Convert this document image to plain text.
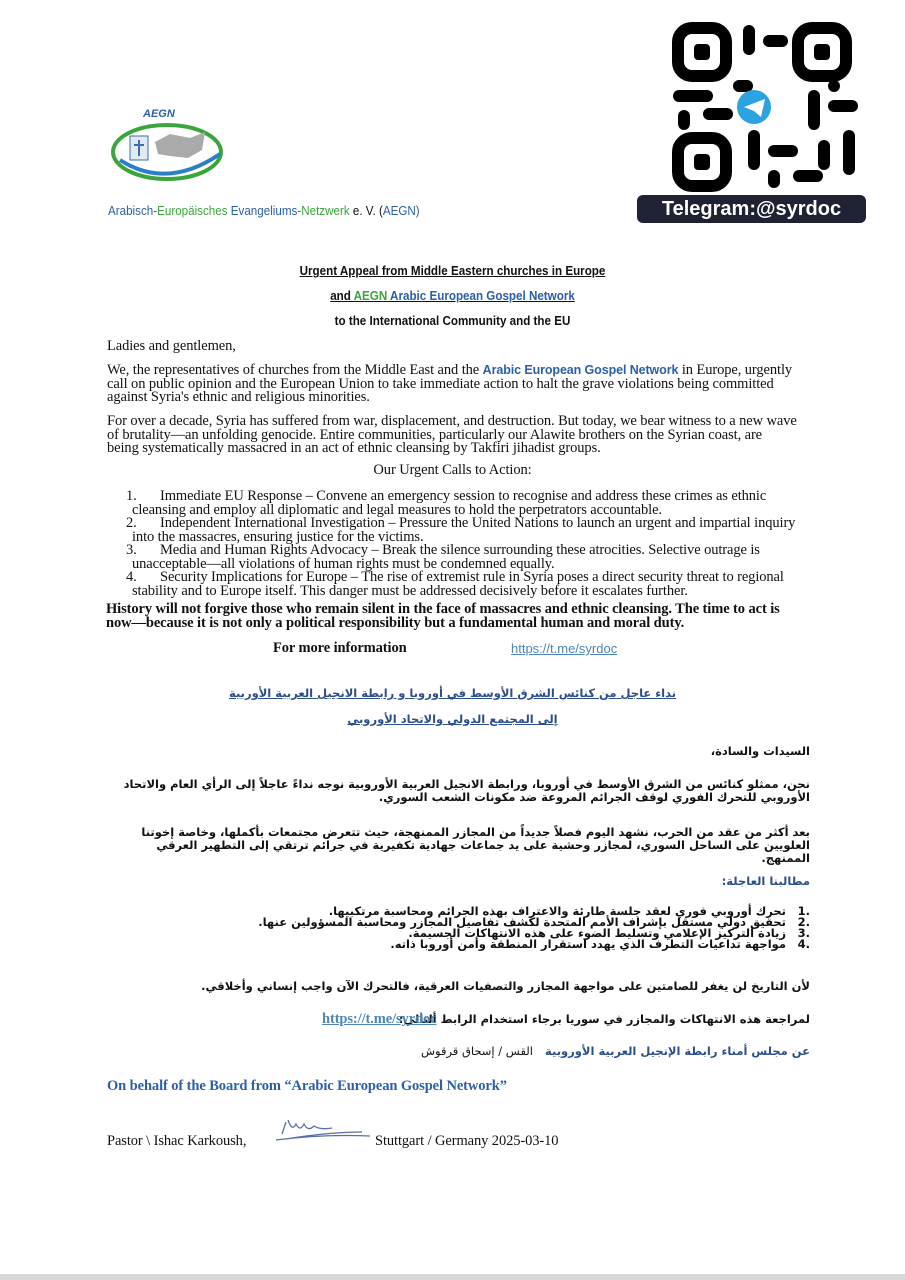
AEGN
Arabisch-Europäisches Evangeliums-Netzwerk e. V. (AEGN)	Telegram:@syrdoc
Urgent Appeal from Middle Eastern churches in Europe
and AEGN Arabic European Gospel Network
to the International Community and the EU
Ladies and gentlemen,
We, the representatives of churches from the Middle East and the Arabic European Gospel Network in Europe, urgently call on public opinion and the European Union to take immediate action to halt the grave violations being committed against Syria's ethnic and religious minorities.
For over a decade, Syria has suffered from war, displacement, and destruction. But today, we bear witness to a new wave of brutality—an unfolding genocide. Entire communities, particularly our Alawite brothers on the Syrian coast, are being systematically massacred in an act of ethnic cleansing by Takfiri jihadist groups.
Our Urgent Calls to Action:
1. Immediate EU Response – Convene an emergency session to recognise and address these crimes as ethnic cleansing and employ all diplomatic and legal measures to hold the perpetrators accountable.
2. Independent International Investigation – Pressure the United Nations to launch an urgent and impartial inquiry into the massacres, ensuring justice for the victims.
3. Media and Human Rights Advocacy – Break the silence surrounding these atrocities. Selective outrage is unacceptable—all violations of human rights must be condemned equally.
4. Security Implications for Europe – The rise of extremist rule in Syria poses a direct security threat to regional stability and to Europe itself. This danger must be addressed decisively before it escalates further.
History will not forgive those who remain silent in the face of massacres and ethnic cleansing. The time to act is now—because it is not only a political responsibility but a fundamental human and moral duty.
For more information	https://t.me/syrdoc
نداء عاجل من كنائس الشرق الأوسط في أوروبا و رابطة الانجيل العربية الأوربية
إلى المجتمع الدولي والاتحاد الأوروبي
السيدات والسادة،
نحن، ممثلو كنائس من الشرق الأوسط في أوروبا، ورابطة الانجيل العربية الأوروبية نوجه نداءً عاجلاً إلى الرأي العام والاتحاد الأوروبي للتحرك الفوري لوقف الجرائم المروعة ضد مكونات الشعب السوري.
بعد أكثر من عقد من الحرب، نشهد اليوم فصلاً جديداً من المجازر الممنهجة، حيث تتعرض مجتمعات بأكملها، وخاصة إخوتنا العلويين على الساحل السوري، لمجازر وحشية على يد جماعات جهادية تكفيرية في جرائم ترتقي إلى التطهير العرقي الممنهج.
مطالبنا العاجلة:
.1تحرك أوروبي فوري لعقد جلسة طارئة والاعتراف بهذه الجرائم ومحاسبة مرتكبيها.
.2تحقيق دولي مستقل بإشراف الأمم المتحدة لكشف تفاصيل المجازر ومحاسبة المسؤولين عنها.
.3زيادة التركيز الإعلامي وتسليط الضوء على هذه الانتهاكات الجسيمة.
.4مواجهة تداعيات التطرف الذي يهدد استقرار المنطقة وأمن أوروبا ذاته.
لأن التاريخ لن يغفر للصامتين على مواجهة المجازر والتصفيات العرقية، فالتحرك الآن واجب إنساني وأخلاقي.
لمراجعة هذه الانتهاكات والمجازر في سوريا برجاء استخدام الرابط ألتالي:
https://t.me/syrdoc
عن مجلس أمناء رابطة الإنجيل العربية الأوروبية
القس / إسحاق قرقوش
On behalf of the Board from “Arabic European Gospel Network”
Pastor \ Ishac Karkoush,	Stuttgart / Germany 2025-03-10
